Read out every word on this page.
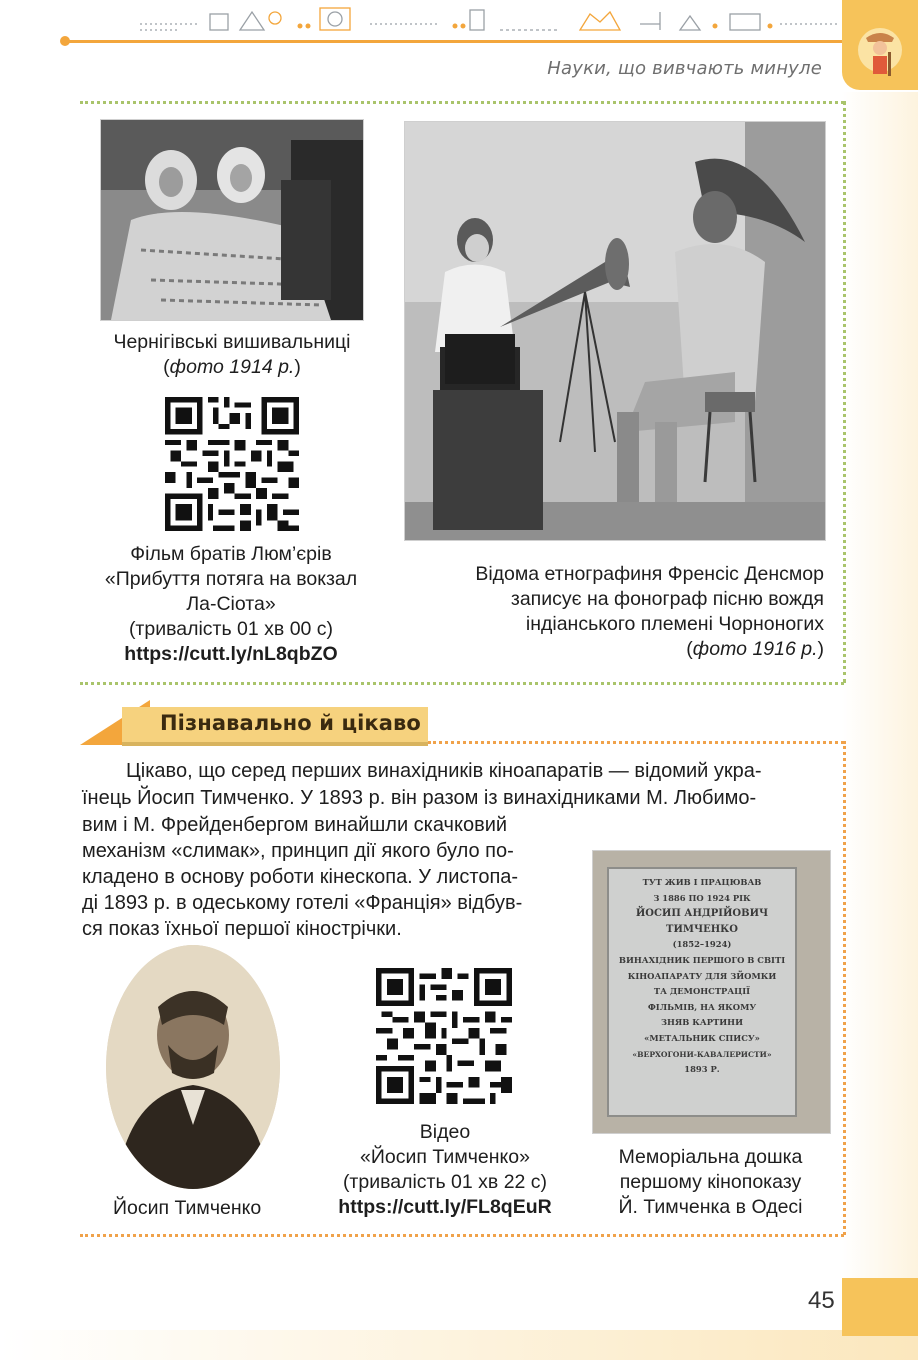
Науки, що вивчають минуле
Чернігівські вишивальниці
(фото 1914 р.)
Фільм братів Люм’єрів
«Прибуття потяга на вокзал
Ла-Сіота»
(тривалість 01 хв 00 с)
https://cutt.ly/nL8qbZO
Відома етнографиня Френсіс Денсмор
записує на фонограф пісню вождя
індіанського племені Чорноногих
(фото 1916 р.)
Пізнавально й цікаво
Цікаво, що серед перших винахідників кіноапаратів — відомий укра-
їнець Йосип Тимченко. У 1893 р. він разом із винахідниками М. Любимо-
вим і М. Фрейденбергом винайшли скачковий
механізм «слимак», принцип дії якого було по-
кладено в основу роботи кінескопа. У листопа-
ді 1893 р. в одеському готелі «Франція» відбув-
ся показ їхньої першої кінострічки.
Йосип Тимченко
Відео
«Йосип Тимченко»
(тривалість 01 хв 22 с)
https://cutt.ly/FL8qEuR
ТУТ ЖИВ І ПРАЦЮВАВ
З 1886 ПО 1924 РІК
ЙОСИП АНДРІЙОВИЧ
ТИМЧЕНКО
(1852–1924)
ВИНАХІДНИК ПЕРШОГО В СВІТІ
КІНОАПАРАТУ ДЛЯ ЗЙОМКИ
ТА ДЕМОНСТРАЦІЇ
ФІЛЬМІВ, НА ЯКОМУ
ЗНЯВ КАРТИНИ
«МЕТАЛЬНИК СПИСУ»
«ВЕРХОГОНИ-КАВАЛЕРИСТИ»
1893 Р.
Меморіальна дошка
першому кінопоказу
Й. Тимченка в Одесі
45
